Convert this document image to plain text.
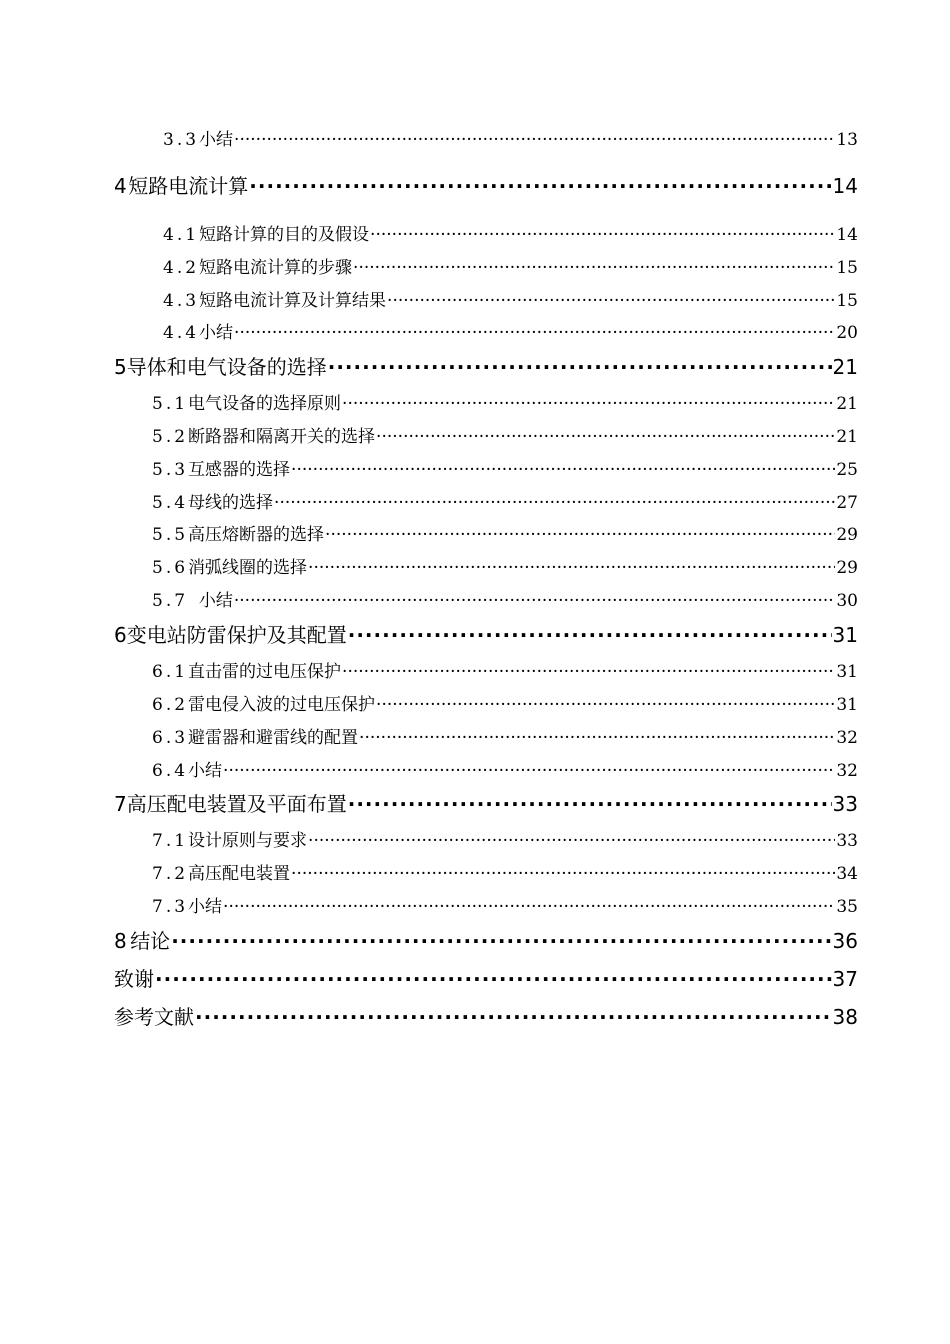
3.3 小结 ·····	13
4 短路电流计算 ·····	14
4.1 短路计算的目的及假设 ·····	14
4.2 短路电流计算的步骤 ·····	15
4.3 短路电流计算及计算结果 ·····	15
4.4 小结 ·····	20
5 导体和电气设备的选择 ·····	21
5.1 电气设备的选择原则 ·····	21
5.2 断路器和隔离开关的选择 ·····	21
5.3 互感器的选择 ·····	25
5.4 母线的选择 ·····	27
5.5 高压熔断器的选择 ·····	29
5.6 消弧线圈的选择 ·····	29
5.7 小结 ·····	30
6 变电站防雷保护及其配置 ·····	31
6.1 直击雷的过电压保护 ·····	31
6.2 雷电侵入波的过电压保护 ·····	31
6.3 避雷器和避雷线的配置 ·····	32
6.4 小结 ·····	32
7 高压配电装置及平面布置 ·····	33
7.1 设计原则与要求 ·····	33
7.2 高压配电装置 ·····	34
7.3 小结 ·····	35
8 结论 ·····	36
致谢 ·····	37
参考文献 ·····	38
